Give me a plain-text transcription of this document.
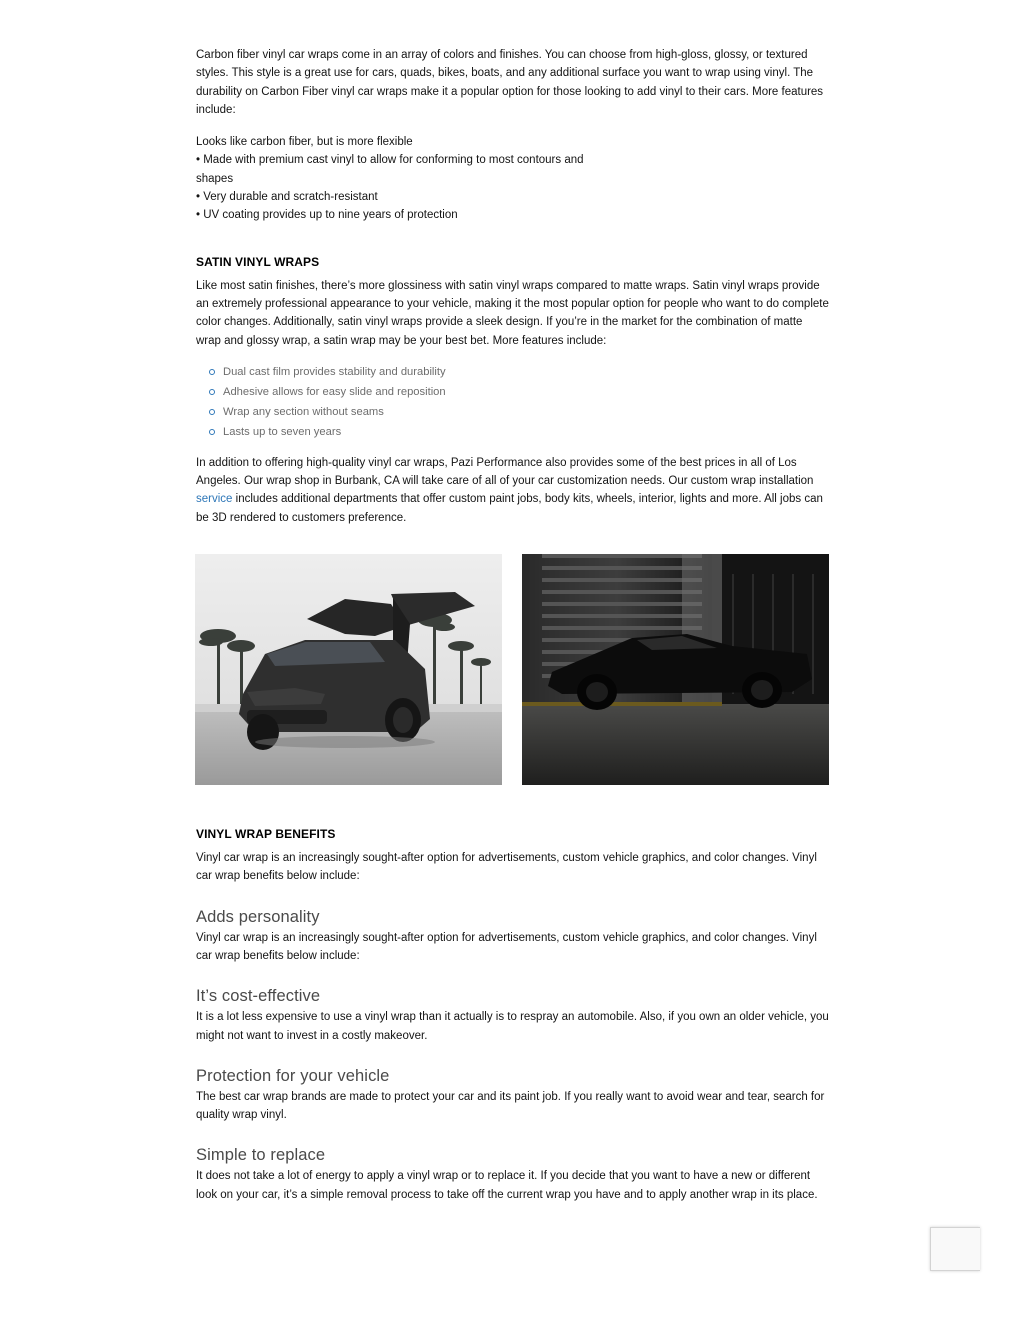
Carbon fiber vinyl car wraps come in an array of colors and finishes. You can choose from high-gloss, glossy, or textured styles. This style is a great use for cars, quads, bikes, boats, and any additional surface you want to wrap using vinyl. The durability on Carbon Fiber vinyl car wraps make it a popular option for those looking to add vinyl to their cars. More features include:

Looks like carbon fiber, but is more flexible
• Made with premium cast vinyl to allow for conforming to most contours and
shapes
• Very durable and scratch-resistant
• UV coating provides up to nine years of protection
SATIN VINYL WRAPS

Like most satin finishes, there’s more glossiness with satin vinyl wraps compared to matte wraps. Satin vinyl wraps provide an extremely professional appearance to your vehicle, making it the most popular option for people who want to do complete color changes. Additionally, satin vinyl wraps provide a sleek design. If you’re in the market for the combination of matte wrap and glossy wrap, a satin wrap may be your best bet. More features include:

Dual cast film provides stability and durability
Adhesive allows for easy slide and reposition
Wrap any section without seams
Lasts up to seven years

In addition to offering high-quality vinyl car wraps, Pazi Performance also provides some of the best prices in all of Los Angeles. Our wrap shop in Burbank, CA will take care of all of your car customization needs. Our custom wrap installation service includes additional departments that offer custom paint jobs, body kits, wheels, interior, lights and more. All jobs can be 3D rendered to customers preference.

VINYL WRAP BENEFITS

Vinyl car wrap is an increasingly sought-after option for advertisements, custom vehicle graphics, and color changes. Vinyl car wrap benefits below include:

Adds personality

Vinyl car wrap is an increasingly sought-after option for advertisements, custom vehicle graphics, and color changes. Vinyl car wrap benefits below include:

It’s cost-effective

It is a lot less expensive to use a vinyl wrap than it actually is to respray an automobile. Also, if you own an older vehicle, you might not want to invest in a costly makeover.

Protection for your vehicle

The best car wrap brands are made to protect your car and its paint job. If you really want to avoid wear and tear, search for quality wrap vinyl.

Simple to replace

It does not take a lot of energy to apply a vinyl wrap or to replace it. If you decide that you want to have a new or different look on your car, it’s a simple removal process to take off the current wrap you have and to apply another wrap in its place.
